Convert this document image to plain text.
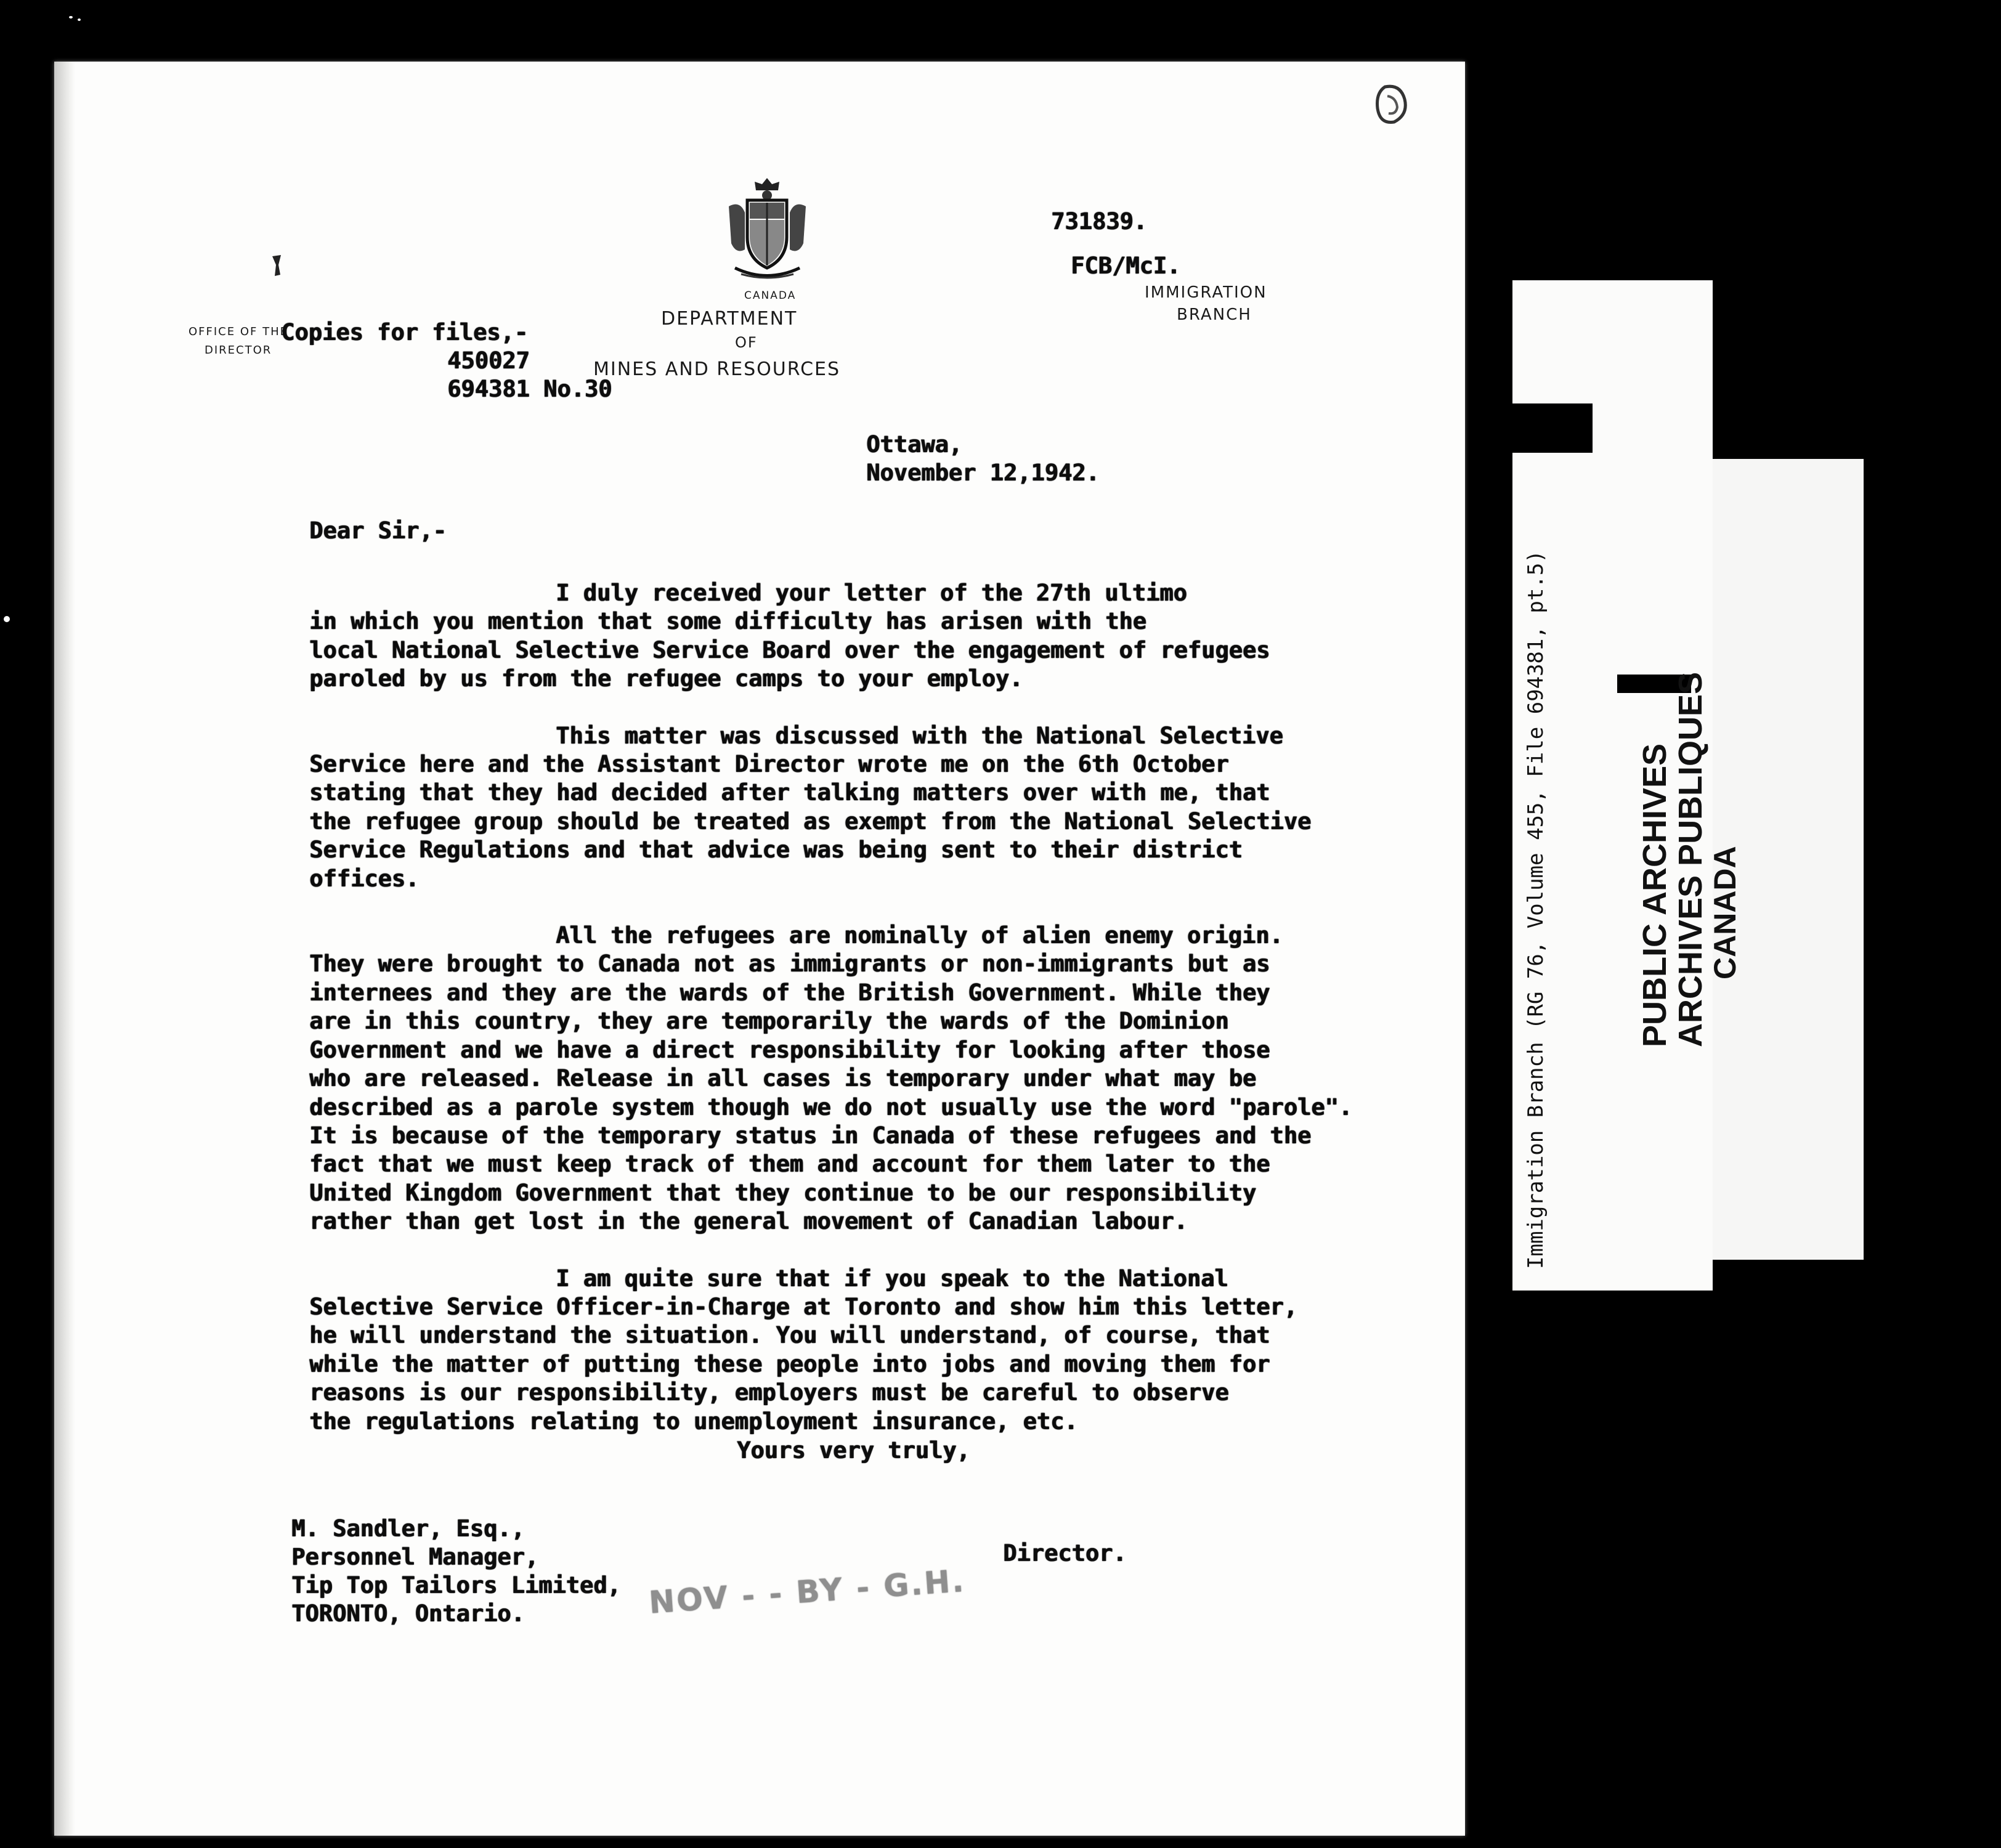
CANADA
DEPARTMENT
OF
MINES AND RESOURCES
OFFICE OF THE
DIRECTOR
IMMIGRATION
BRANCH
731839.
FCB/McI.
Copies for files,-
450027
694381 No.30
Ottawa,
November 12,1942.
Dear Sir,-

I duly received your letter of the 27th ultimo
in which you mention that some difficulty has arisen with the
local National Selective Service Board over the engagement of refugees
paroled by us from the refugee camps to your employ.

This matter was discussed with the National Selective
Service here and the Assistant Director wrote me on the 6th October
stating that they had decided after talking matters over with me, that
the refugee group should be treated as exempt from the National Selective
Service Regulations and that advice was being sent to their district
offices.

All the refugees are nominally of alien enemy origin.
They were brought to Canada not as immigrants or non-immigrants but as
internees and they are the wards of the British Government. While they
are in this country, they are temporarily the wards of the Dominion
Government and we have a direct responsibility for looking after those
who are released. Release in all cases is temporary under what may be
described as a parole system though we do not usually use the word "parole".
It is because of the temporary status in Canada of these refugees and the
fact that we must keep track of them and account for them later to the
United Kingdom Government that they continue to be our responsibility
rather than get lost in the general movement of Canadian labour.

I am quite sure that if you speak to the National
Selective Service Officer-in-Charge at Toronto and show him this letter,
he will understand the situation. You will understand, of course, that
while the matter of putting these people into jobs and moving them for
reasons is our responsibility, employers must be careful to observe
the regulations relating to unemployment insurance, etc.

Yours very truly,
M. Sandler, Esq.,
Personnel Manager,
Tip Top Tailors Limited,
TORONTO, Ontario.	NOV - - BY - G.H.
Director.
Immigration Branch (RG 76, Volume 455, File 694381, pt.5)	PUBLIC ARCHIVES
ARCHIVES PUBLIQUES
CANADA
